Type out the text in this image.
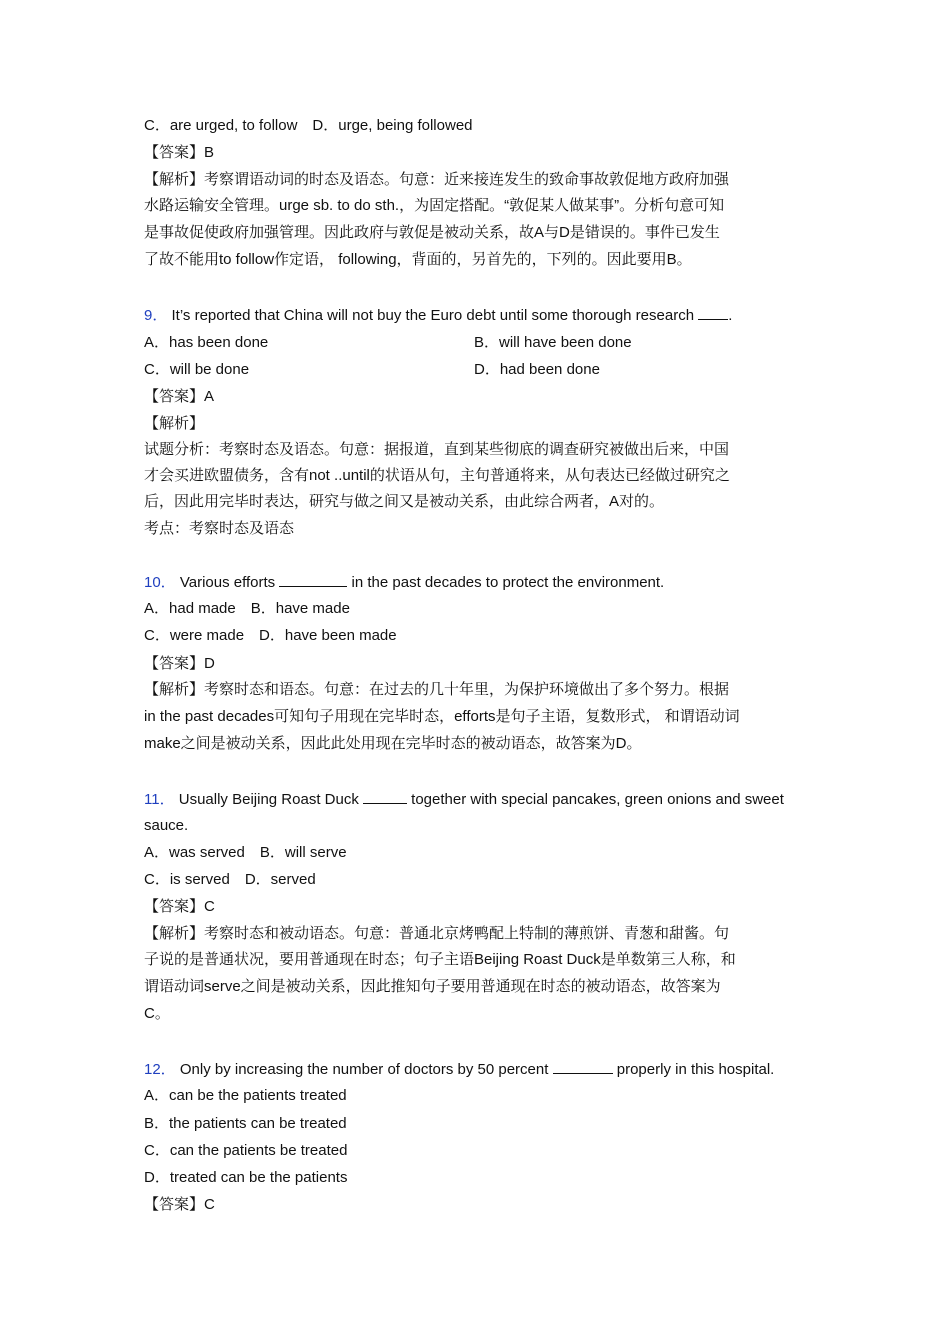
C．are urged, to follow　D．urge, being followed
【答案】B
【解析】考察谓语动词的时态及语态。句意：近来接连发生的致命事故敦促地方政府加强
水路运输安全管理。urge sb. to do sth.，为固定搭配。“敦促某人做某事”。分析句意可知
是事故促使政府加强管理。因此政府与敦促是被动关系，故A与D是错误的。事件已发生
了故不能用to follow作定语， following，背面的，另首先的，下列的。因此要用B。
9． It’s reported that China will not buy the Euro debt until some thorough research .
A．has been done	B．will have been done
C．will be done	D．had been done
【答案】A
【解析】
试题分析：考察时态及语态。句意：据报道，直到某些彻底的调查研究被做出后来，中国
才会买进欧盟债务，含有not ..until的状语从句，主句普通将来，从句表达已经做过研究之
后，因此用完毕时表达，研究与做之间又是被动关系，由此综合两者，A对的。
考点：考察时态及语态
10． Various efforts	in the past decades to protect the environment.
A．had made　B．have made
C．were made　D．have been made
【答案】D
【解析】考察时态和语态。句意：在过去的几十年里，为保护环境做出了多个努力。根据
in the past decades可知句子用现在完毕时态，efforts是句子主语，复数形式， 和谓语动词
make之间是被动关系，因此此处用现在完毕时态的被动语态，故答案为D。
11． Usually Beijing Roast Duck	together with special pancakes, green onions and sweet
sauce.
A．was served　B．will serve
C．is served　D．served
【答案】C
【解析】考察时态和被动语态。句意：普通北京烤鸭配上特制的薄煎饼、青葱和甜酱。句
子说的是普通状况，要用普通现在时态；句子主语Beijing Roast Duck是单数第三人称，和
谓语动词serve之间是被动关系，因此推知句子要用普通现在时态的被动语态，故答案为
C。
12． Only by increasing the number of doctors by 50 percent	properly in this hospital.
A．can be the patients treated
B．the patients can be treated
C．can the patients be treated
D．treated can be the patients
【答案】C
